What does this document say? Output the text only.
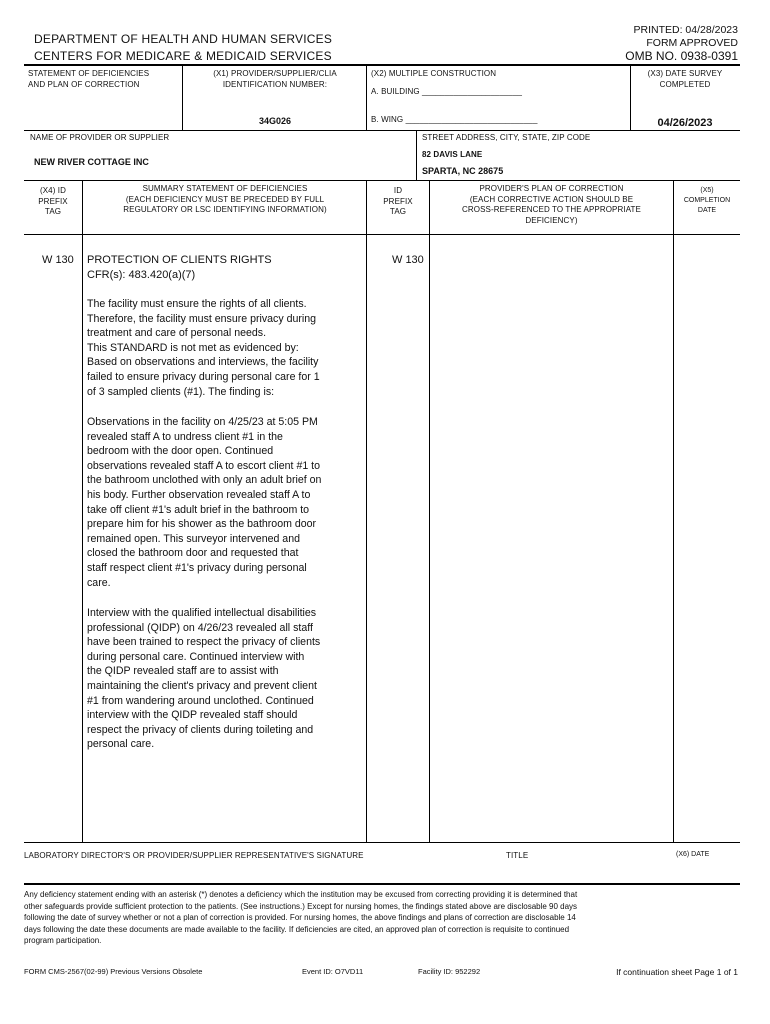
DEPARTMENT OF HEALTH AND HUMAN SERVICES
CENTERS FOR MEDICARE & MEDICAID SERVICES
PRINTED: 04/28/2023
FORM APPROVED
OMB NO. 0938-0391
STATEMENT OF DEFICIENCIES
AND PLAN OF CORRECTION
(X1) PROVIDER/SUPPLIER/CLIA
IDENTIFICATION NUMBER:
34G026
(X2) MULTIPLE CONSTRUCTION
A. BUILDING ______________________
B. WING _____________________________
(X3) DATE SURVEY
COMPLETED
04/26/2023
NAME OF PROVIDER OR SUPPLIER
NEW RIVER COTTAGE INC
STREET ADDRESS, CITY, STATE, ZIP CODE
82 DAVIS LANE
SPARTA, NC 28675
(X4) ID
PREFIX
TAG
SUMMARY STATEMENT OF DEFICIENCIES
(EACH DEFICIENCY MUST BE PRECEDED BY FULL
REGULATORY OR LSC IDENTIFYING INFORMATION)
ID
PREFIX
TAG
PROVIDER'S PLAN OF CORRECTION
(EACH CORRECTIVE ACTION SHOULD BE
CROSS-REFERENCED TO THE APPROPRIATE
DEFICIENCY)
(X5)
COMPLETION
DATE
W 130	W 130
PROTECTION OF CLIENTS RIGHTS
CFR(s): 483.420(a)(7)
The facility must ensure the rights of all clients.
Therefore, the facility must ensure privacy during
treatment and care of personal needs.
This STANDARD is not met as evidenced by:
Based on observations and interviews, the facility
failed to ensure privacy during personal care for 1
of 3 sampled clients (#1). The finding is:
Observations in the facility on 4/25/23 at 5:05 PM
revealed staff A to undress client #1 in the
bedroom with the door open. Continued
observations revealed staff A to escort client #1 to
the bathroom unclothed with only an adult brief on
his body. Further observation revealed staff A to
take off client #1's adult brief in the bathroom to
prepare him for his shower as the bathroom door
remained open. This surveyor intervened and
closed the bathroom door and requested that
staff respect client #1's privacy during personal
care.
Interview with the qualified intellectual disabilities
professional (QIDP) on 4/26/23 revealed all staff
have been trained to respect the privacy of clients
during personal care. Continued interview with
the QIDP revealed staff are to assist with
maintaining the client's privacy and prevent client
#1 from wandering around unclothed. Continued
interview with the QIDP revealed staff should
respect the privacy of clients during toileting and
personal care.
LABORATORY DIRECTOR'S OR PROVIDER/SUPPLIER REPRESENTATIVE'S SIGNATURE	TITLE	(X6) DATE
Any deficiency statement ending with an asterisk (*) denotes a deficiency which the institution may be excused from correcting providing it is determined that
other safeguards provide sufficient protection to the patients. (See instructions.) Except for nursing homes, the findings stated above are disclosable 90 days
following the date of survey whether or not a plan of correction is provided. For nursing homes, the above findings and plans of correction are disclosable 14
days following the date these documents are made available to the facility. If deficiencies are cited, an approved plan of correction is requisite to continued
program participation.
FORM CMS-2567(02-99) Previous Versions Obsolete	Event ID: O7VD11	Facility ID: 952292	If continuation sheet Page 1 of 1
